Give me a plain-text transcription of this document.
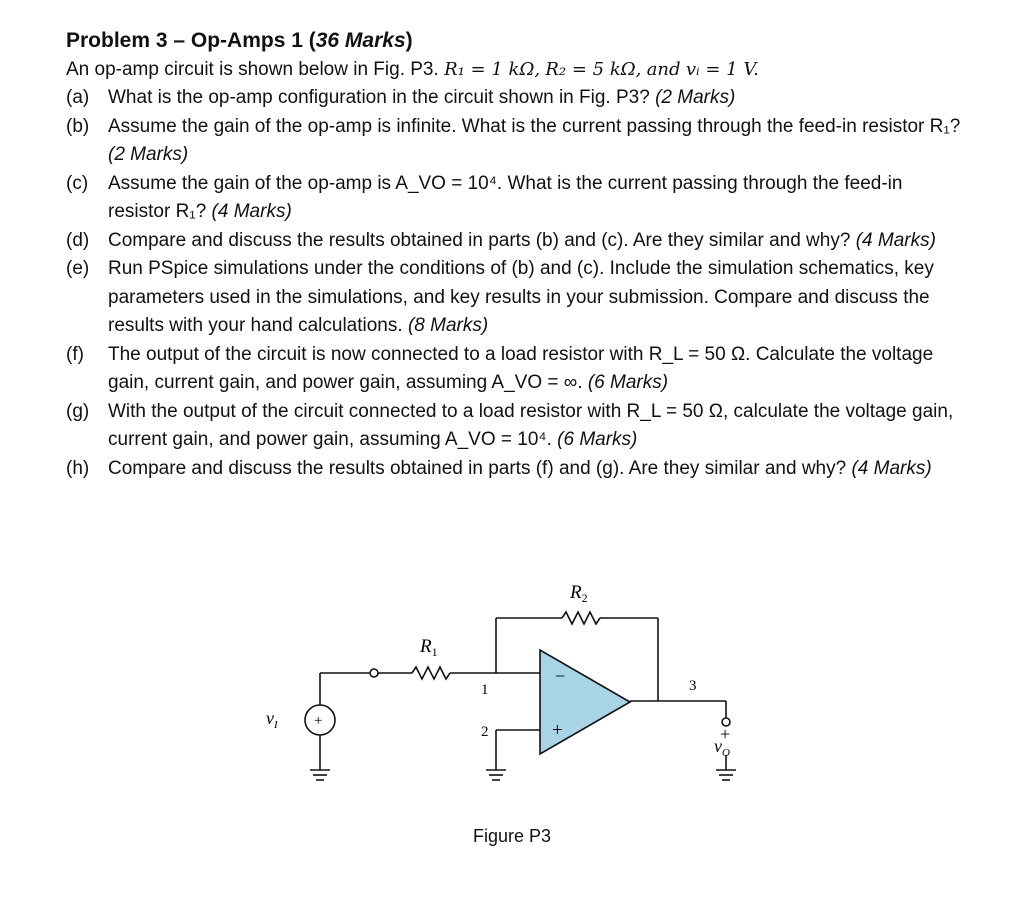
Problem 3 – Op-Amps 1 (36 Marks)
An op-amp circuit is shown below in Fig. P3. R₁ = 1 kΩ, R₂ = 5 kΩ, and vᵢ = 1 V.
(a) What is the op-amp configuration in the circuit shown in Fig. P3? (2 Marks)
(b) Assume the gain of the op-amp is infinite. What is the current passing through the feed-in resistor R₁? (2 Marks)
(c)	Assume the gain of the op-amp is A_VO = 10⁴. What is the current passing through the feed-in resistor R₁? (4 Marks)
(d) Compare and discuss the results obtained in parts (b) and (c). Are they similar and why? (4 Marks)
(e) Run PSpice simulations under the conditions of (b) and (c). Include the simulation schematics, key parameters used in the simulations, and key results in your submission. Compare and discuss the results with your hand calculations. (8 Marks)
(f)	The output of the circuit is now connected to a load resistor with R_L = 50 Ω. Calculate the voltage gain, current gain, and power gain, assuming A_VO = ∞. (6 Marks)
(g) With the output of the circuit connected to a load resistor with R_L = 50 Ω, calculate the voltage gain, current gain, and power gain, assuming A_VO = 10⁴. (6 Marks)
(h) Compare and discuss the results obtained in parts (f) and (g). Are they similar and why? (4 Marks)
$R_2$
$R_1$
1
2
3
−
+
+
$v_I$	+
$v_O$
Figure P3
